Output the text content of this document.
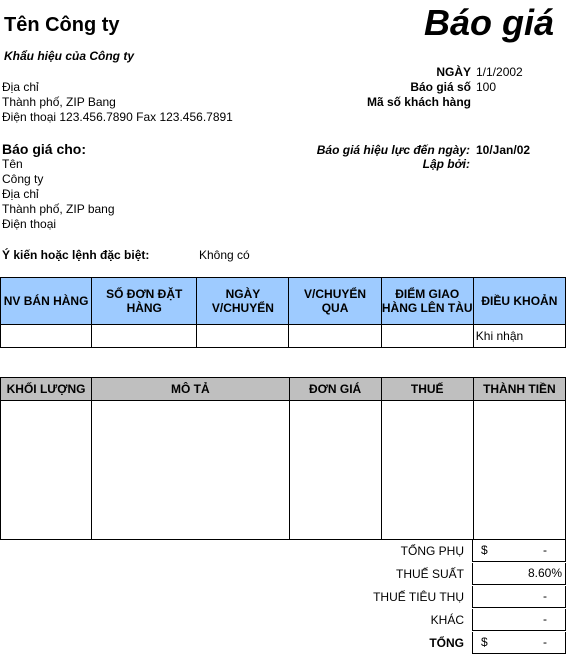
Tên Công ty	Báo giá
Khẩu hiệu của Công ty
Địa chỉ
Thành phố, ZIP Bang
Điện thoại 123.456.7890 Fax 123.456.7891
NGÀY 1/1/2002
Báo giá số 100
Mã số khách hàng
Báo giá cho:
Tên
Công ty
Địa chỉ
Thành phố, ZIP bang
Điện thoại
Báo giá hiệu lực đến ngày: 10/Jan/02
Lập bởi:
Ý kiến hoặc lệnh đặc biệt:	Không có
NV BÁN HÀNG	SỐ ĐƠN ĐẶT HÀNG	NGÀY V/CHUYỂN	V/CHUYỂN QUA	ĐIỂM GIAO HÀNG LÊN TÀU	ĐIỀU KHOẢN
					Khi nhận
KHỐI LƯỢNG	MÔ TẢ	ĐƠN GIÁ	THUẾ	THÀNH TIỀN

TỔNG PHỤ $	-
THUẾ SUẤT	8.60%
THUẾ TIÊU THỤ	-
KHÁC	-
TỔNG $	-
